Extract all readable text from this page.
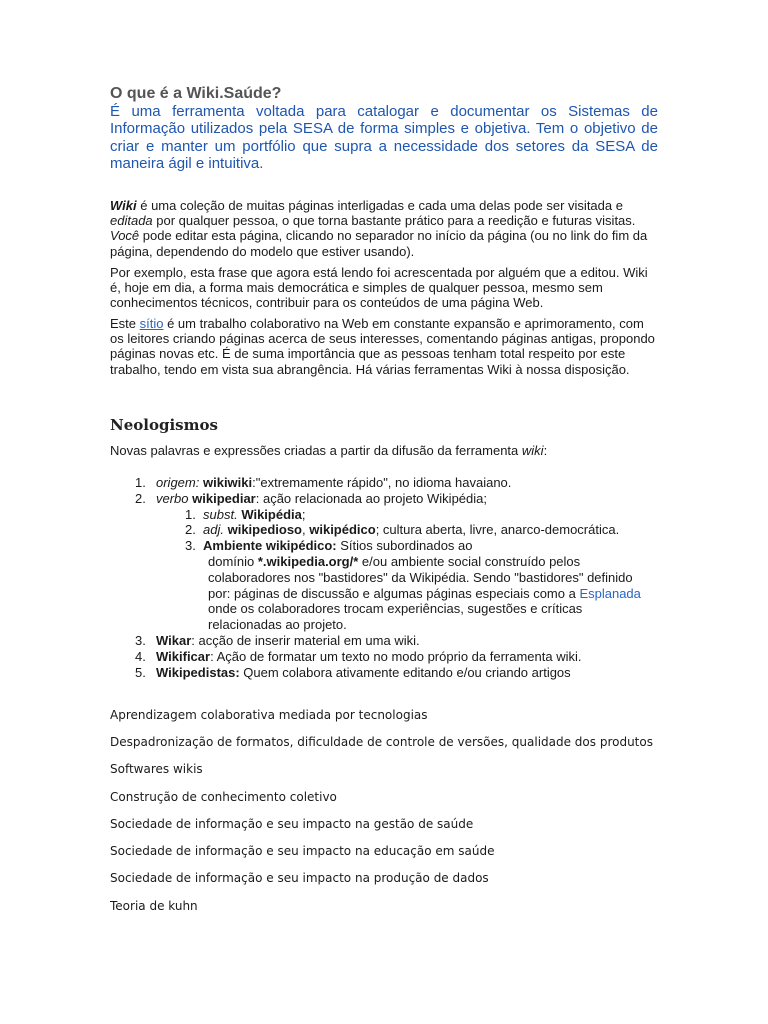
O que é a Wiki.Saúde?

É uma ferramenta voltada para catalogar e documentar os Sistemas de Informação utilizados pela SESA de forma simples e objetiva. Tem o objetivo de criar e manter um portfólio que supra a necessidade dos setores da SESA de maneira ágil e intuitiva.

Wiki é uma coleção de muitas páginas interligadas e cada uma delas pode ser visitada e editada por qualquer pessoa, o que torna bastante prático para a reedição e futuras visitas. Você pode editar esta página, clicando no separador no início da página (ou no link do fim da página, dependendo do modelo que estiver usando).

Por exemplo, esta frase que agora está lendo foi acrescentada por alguém que a editou. Wiki é, hoje em dia, a forma mais democrática e simples de qualquer pessoa, mesmo sem conhecimentos técnicos, contribuir para os conteúdos de uma página Web.

Este sítio é um trabalho colaborativo na Web em constante expansão e aprimoramento, com os leitores criando páginas acerca de seus interesses, comentando páginas antigas, propondo páginas novas etc. É de suma importância que as pessoas tenham total respeito por este trabalho, tendo em vista sua abrangência. Há várias ferramentas Wiki à nossa disposição.

Neologismos

Novas palavras e expressões criadas a partir da difusão da ferramenta wiki:

1. origem: wikiwiki:"extremamente rápido", no idioma havaiano.
2. verbo wikipediar: ação relacionada ao projeto Wikipédia;
1. subst. Wikipédia;
2. adj. wikipedioso, wikipédico; cultura aberta, livre, anarco-democrática.
3. Ambiente wikipédico: Sítios subordinados ao
domínio *.wikipedia.org/* e/ou ambiente social construído pelos colaboradores nos "bastidores" da Wikipédia. Sendo "bastidores" definido por: páginas de discussão e algumas páginas especiais como a Esplanada onde os colaboradores trocam experiências, sugestões e críticas relacionadas ao projeto.
3. Wikar: acção de inserir material em uma wiki.
4. Wikificar: Ação de formatar um texto no modo próprio da ferramenta wiki.
5. Wikipedistas: Quem colabora ativamente editando e/ou criando artigos

Aprendizagem colaborativa mediada por tecnologias

Despadronização de formatos, dificuldade de controle de versões, qualidade dos produtos

Softwares wikis

Construção de conhecimento coletivo

Sociedade de informação e seu impacto na gestão de saúde

Sociedade de informação e seu impacto na educação em saúde

Sociedade de informação e seu impacto na produção de dados

Teoria de kuhn
